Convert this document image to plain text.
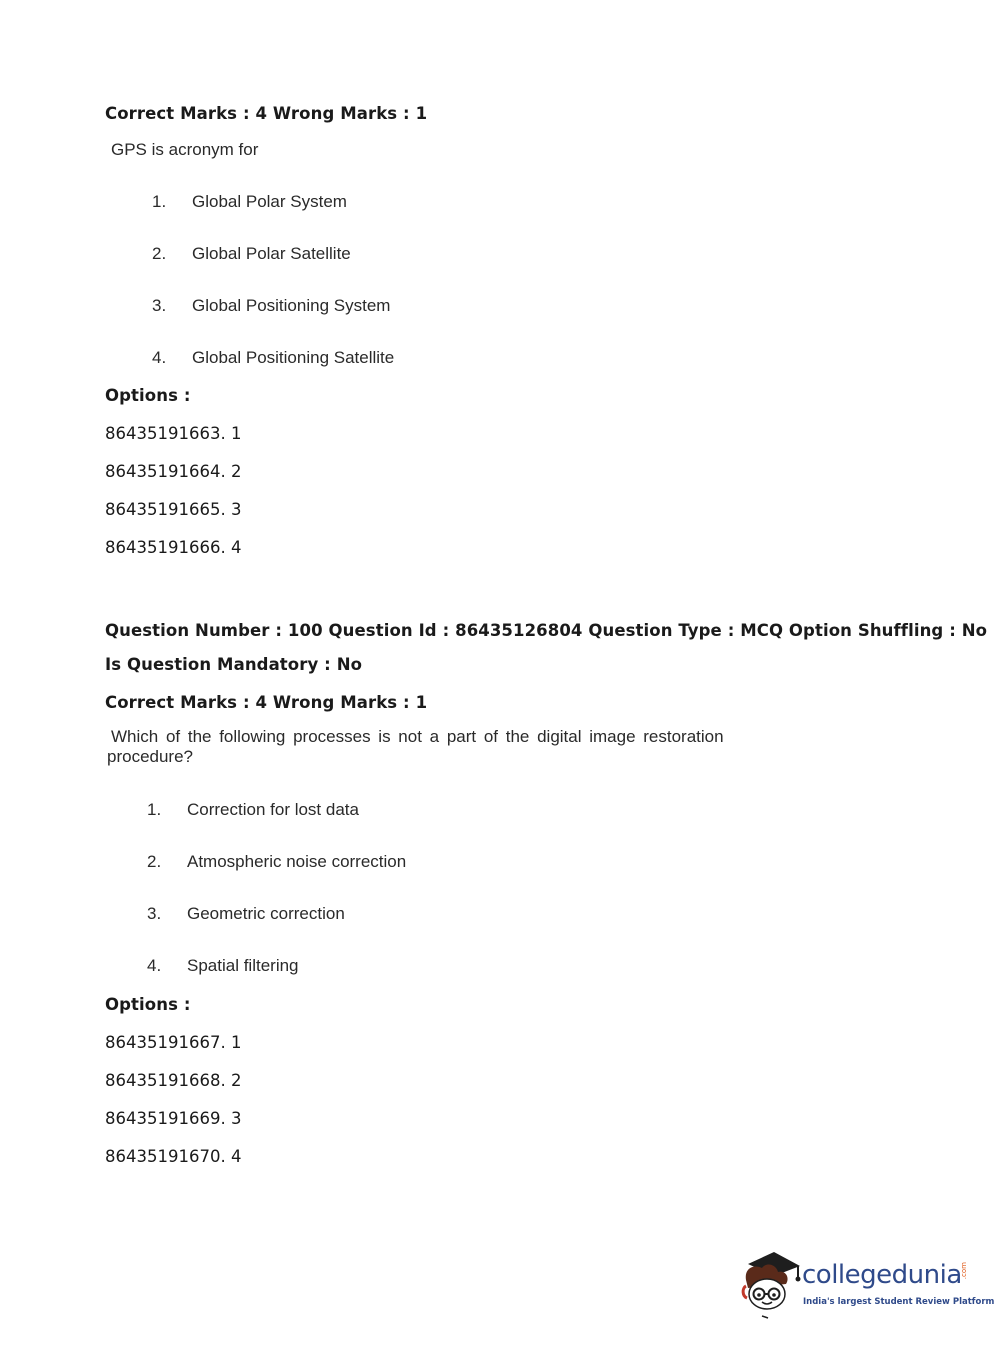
Correct Marks : 4 Wrong Marks : 1
GPS is acronym for
1. Global Polar System
2. Global Polar Satellite
3. Global Positioning System
4. Global Positioning Satellite
Options :
86435191663. 1
86435191664. 2
86435191665. 3
86435191666. 4
Question Number : 100 Question Id : 86435126804 Question Type : MCQ Option Shuffling : No
Is Question Mandatory : No
Correct Marks : 4 Wrong Marks : 1
Which of the following processes is not a part of the digital image restoration
procedure?
1. Correction for lost data
2. Atmospheric noise correction
3. Geometric correction
4. Spatial filtering
Options :
86435191667. 1
86435191668. 2
86435191669. 3
86435191670. 4
collegedunia
.com
India's largest Student Review Platform
